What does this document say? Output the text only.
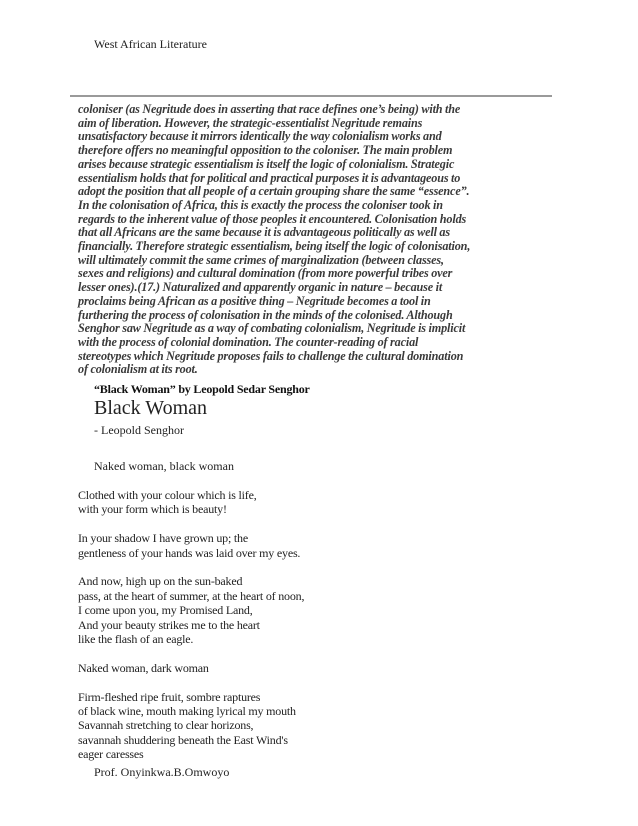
West African Literature
coloniser (as Negritude does in asserting that race defines one’s being) with the
aim of liberation. However, the strategic-essentialist Negritude remains
unsatisfactory because it mirrors identically the way colonialism works and
therefore offers no meaningful opposition to the coloniser. The main problem
arises because strategic essentialism is itself the logic of colonialism. Strategic
essentialism holds that for political and practical purposes it is advantageous to
adopt the position that all people of a certain grouping share the same “essence”.
In the colonisation of Africa, this is exactly the process the coloniser took in
regards to the inherent value of those peoples it encountered. Colonisation holds
that all Africans are the same because it is advantageous politically as well as
financially. Therefore strategic essentialism, being itself the logic of colonisation,
will ultimately commit the same crimes of marginalization (between classes,
sexes and religions) and cultural domination (from more powerful tribes over
lesser ones).(17.) Naturalized and apparently organic in nature – because it
proclaims being African as a positive thing – Negritude becomes a tool in
furthering the process of colonisation in the minds of the colonised. Although
Senghor saw Negritude as a way of combating colonialism, Negritude is implicit
with the process of colonial domination. The counter-reading of racial
stereotypes which Negritude proposes fails to challenge the cultural domination
of colonialism at its root.
“Black Woman” by Leopold Sedar Senghor
Black Woman
- Leopold Senghor
Naked woman, black woman
Clothed with your colour which is life,
with your form which is beauty!
In your shadow I have grown up; the
gentleness of your hands was laid over my eyes.
And now, high up on the sun-baked
pass, at the heart of summer, at the heart of noon,
I come upon you, my Promised Land,
And your beauty strikes me to the heart
like the flash of an eagle.
Naked woman, dark woman
Firm-fleshed ripe fruit, sombre raptures
of black wine, mouth making lyrical my mouth
Savannah stretching to clear horizons,
savannah shuddering beneath the East Wind's
eager caresses
Prof. Onyinkwa.B.Omwoyo
